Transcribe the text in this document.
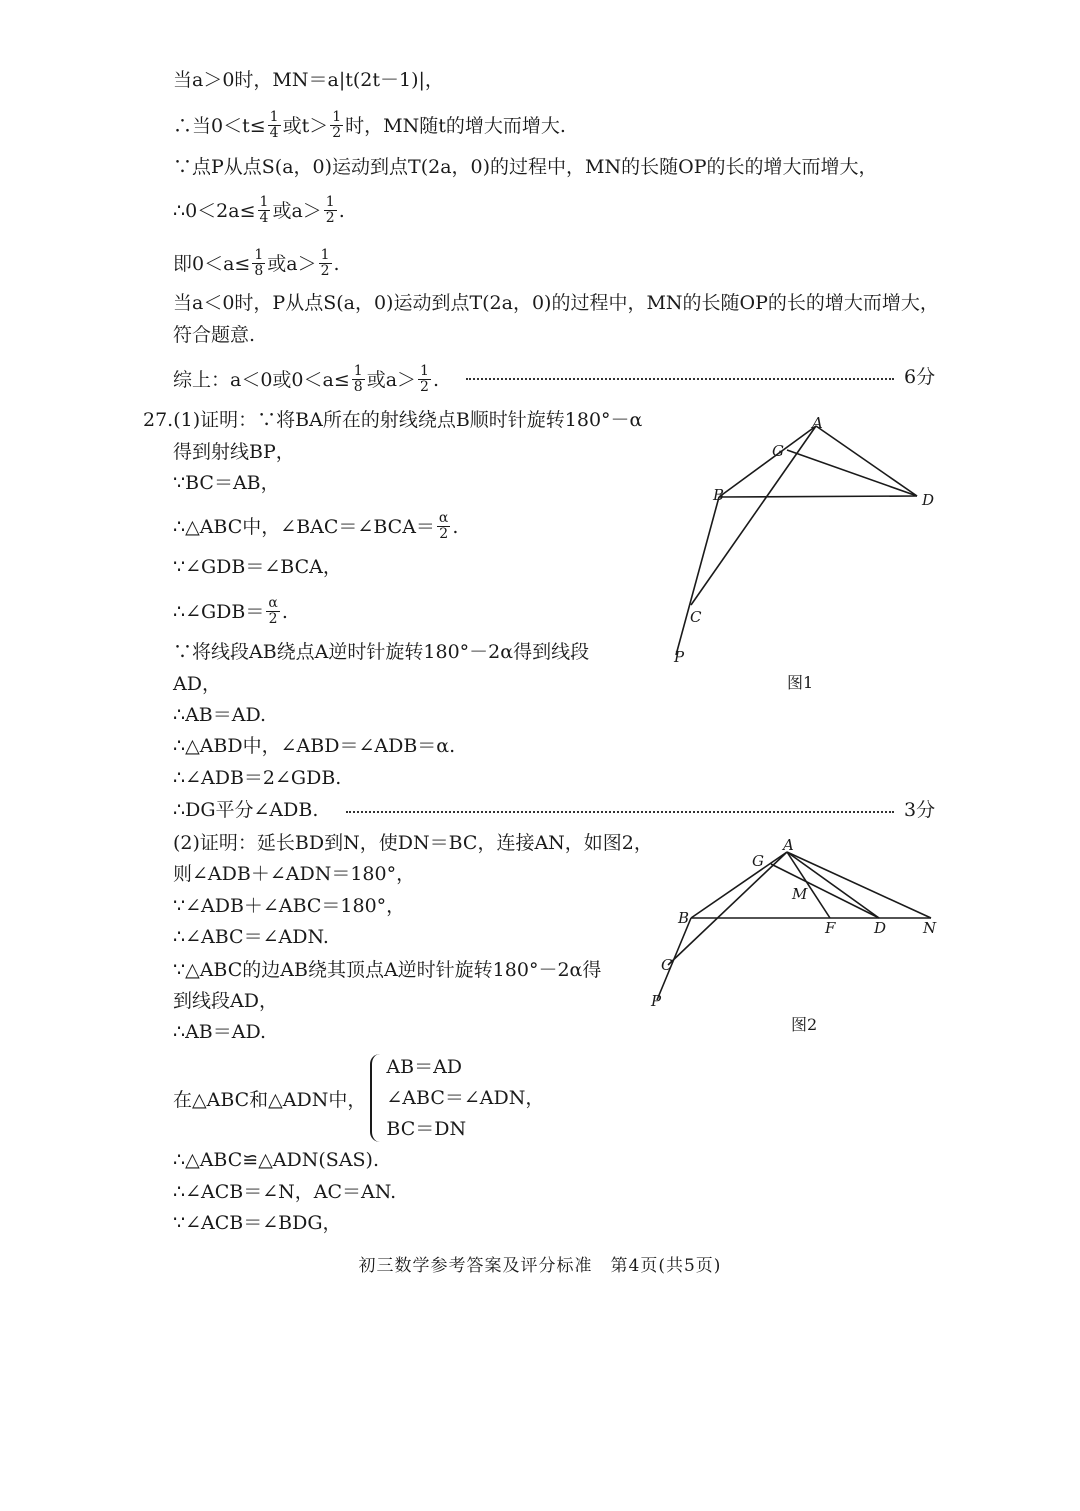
当a＞0时，MN＝a|t(2t－1)|，
∴当$0<t\le \frac{1}{4}$ 或$t> \frac{1}{2}$ 时，MN随t的增大而增大.
∵点P从点S(a，0)运动到点T(2a，0)的过程中，MN的长随OP的长的增大而增大，
∴0＜2a≤ $\frac{1}{4}$ 或$a> \frac{1}{2}$ .
即$0<a\le \frac{1}{8}$ 或$a> \frac{1}{2}$ .
当a＜0时，P从点S(a，0)运动到点T(2a，0)的过程中，MN的长随OP的长的增大而增大，
符合题意.
综上：a＜0或$0<a\le \frac{1}{8}$ 或$a> \frac{1}{2}$ .	6分
27. (1)证明：∵将BA所在的射线绕点B顺时针旋转180°－α
得到射线BP，
∵BC＝AB，
∴△ABC中，∠BAC＝∠BCA＝ $\frac{\alpha}{2}$ .
∵∠GDB＝∠BCA，
∴∠GDB＝ $\frac{\alpha}{2}$ .
∵将线段AB绕点A逆时针旋转180°－2α得到线段
AD，
∴AB＝AD.
∴△ABD中，∠ABD＝∠ADB＝α.
∴∠ADB＝2∠GDB.
∴DG平分∠ADB.	3分
(2)证明：延长BD到N，使DN＝BC，连接AN，如图2，
则∠ADB＋∠ADN＝180°，
∵∠ADB＋∠ABC＝180°，
∴∠ABC＝∠ADN.
∵△ABC的边AB绕其顶点A逆时针旋转180°－2α得
到线段AD，
∴AB＝AD.
在△ABC和△ADN中，
AB＝AD
∠ABC＝∠ADN，
BC＝DN
∴△ABC≌△ADN(SAS).
∴∠ACB＝∠N，AC＝AN.
∵∠ACB＝∠BDG，
A
G
B	D
C
P
图1
A
G
M
B
F	D N
C
P
图2
初三数学参考答案及评分标准　第4页(共5页)
